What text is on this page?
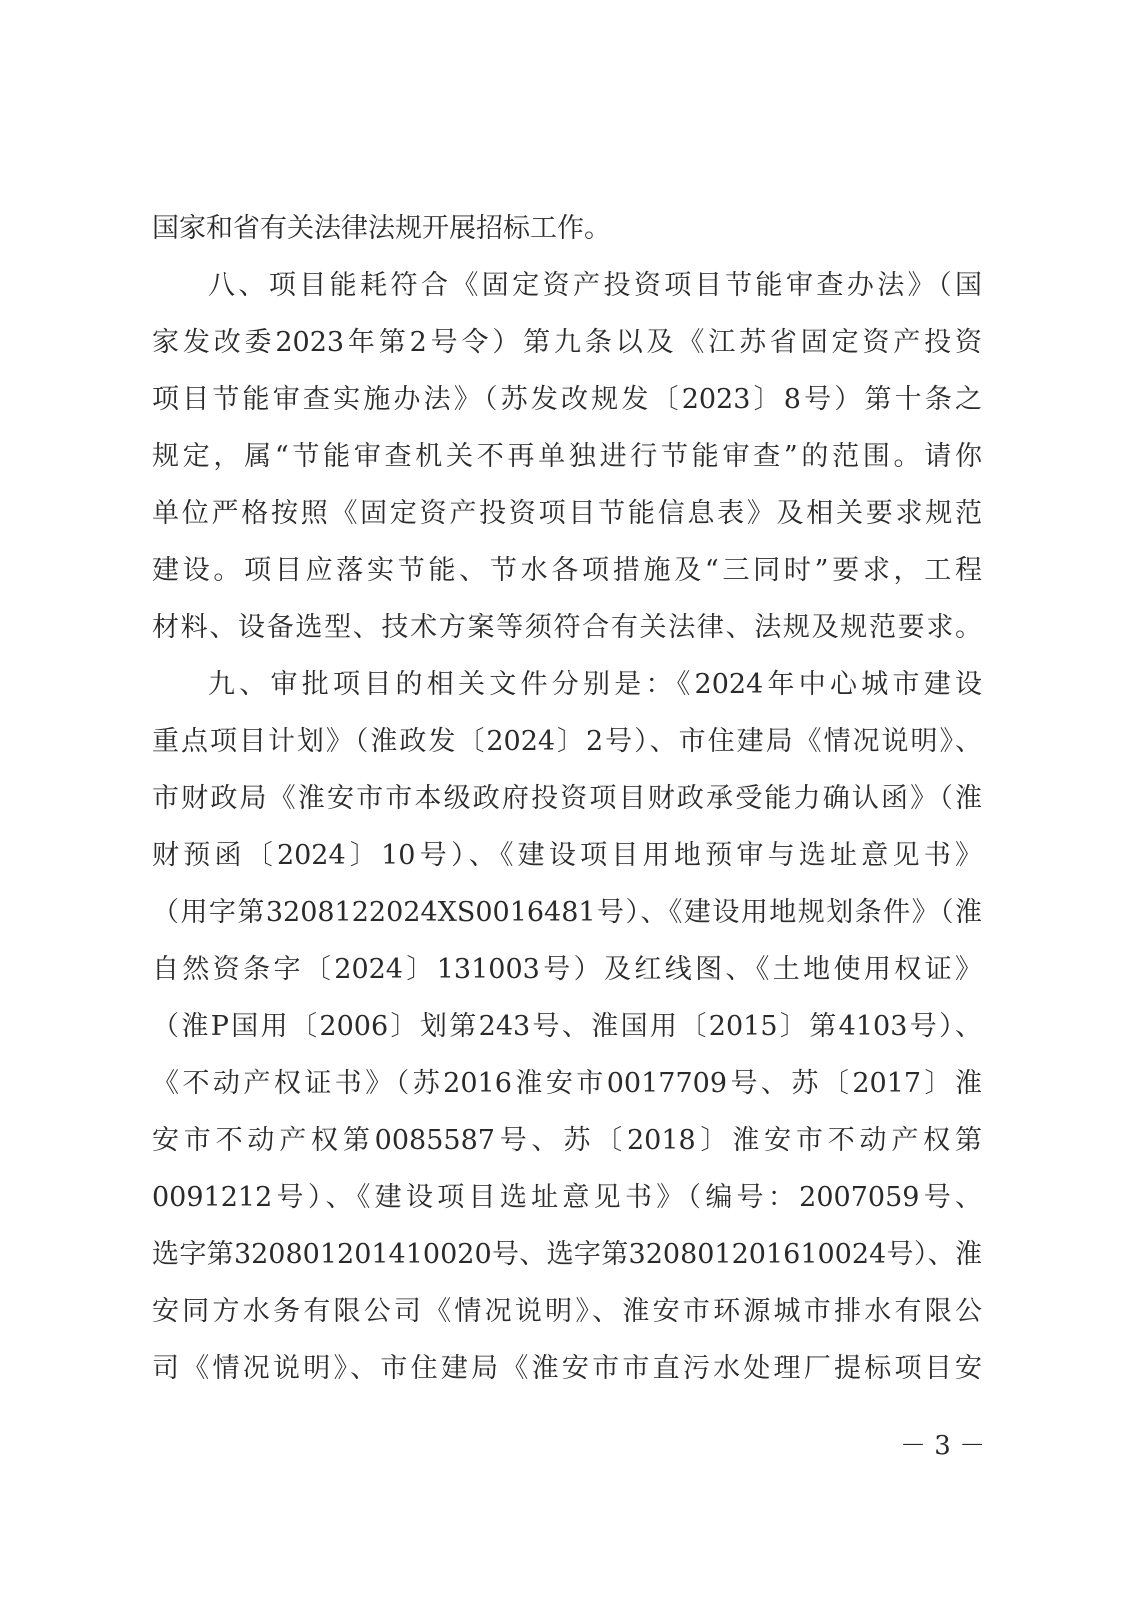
国家和省有关法律法规开展招标工作。
八、项目能耗符合《固定资产投资项目节能审查办法》（国
家发改委2023年第2号令）第九条以及《江苏省固定资产投资
项目节能审查实施办法》（苏发改规发〔2023〕8号）第十条之
规定，属“节能审查机关不再单独进行节能审查”的范围。请你
单位严格按照《固定资产投资项目节能信息表》及相关要求规范
建设。项目应落实节能、节水各项措施及“三同时”要求，工程
材料、设备选型、技术方案等须符合有关法律、法规及规范要求。
九、审批项目的相关文件分别是：《2024年中心城市建设
重点项目计划》（淮政发〔2024〕2号）、市住建局《情况说明》、
市财政局《淮安市市本级政府投资项目财政承受能力确认函》（淮
财预函〔2024〕10号）、《建设项目用地预审与选址意见书》
（用字第3208122024XS0016481号）、《建设用地规划条件》（淮
自然资条字〔2024〕131003号）及红线图、《土地使用权证》
（淮P国用〔2006〕划第243号、淮国用〔2015〕第4103号）、
《不动产权证书》（苏2016淮安市0017709号、苏〔2017〕淮
安市不动产权第0085587号、苏〔2018〕淮安市不动产权第
0091212号）、《建设项目选址意见书》（编号：2007059号、
选字第320801201410020号、选字第320801201610024号）、淮
安同方水务有限公司《情况说明》、淮安市环源城市排水有限公
司《情况说明》、市住建局《淮安市市直污水处理厂提标项目安
－ 3 －
